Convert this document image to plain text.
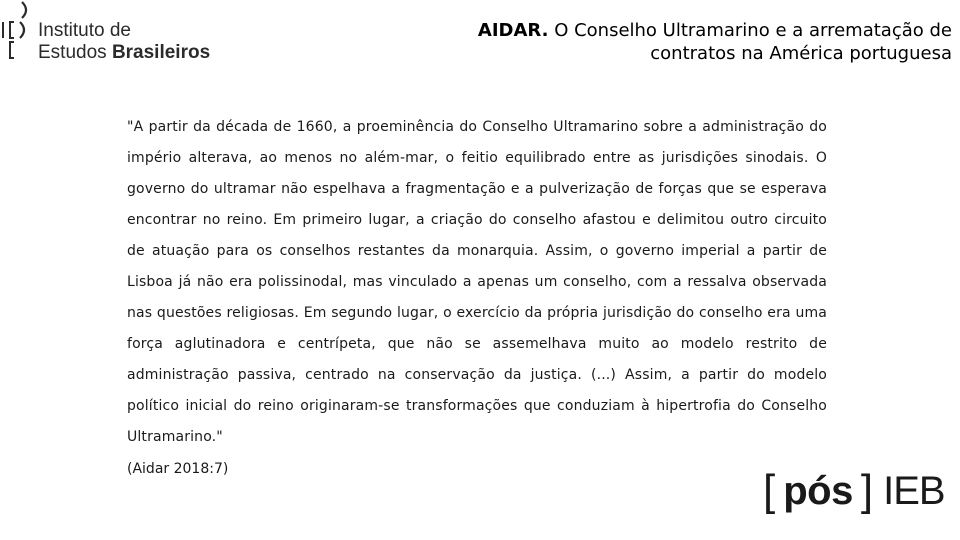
Instituto de
Estudos Brasileiros
AIDAR. O Conselho Ultramarino e a arrematação de
contratos na América portuguesa
"A partir da década de 1660, a proeminência do Conselho Ultramarino sobre a administração do império alterava, ao menos no além-mar, o feitio equilibrado entre as jurisdições sinodais. O governo do ultramar não espelhava a fragmentação e a pulverização de forças que se esperava encontrar no reino. Em primeiro lugar, a criação do conselho afastou e delimitou outro circuito de atuação para os conselhos restantes da monarquia. Assim, o governo imperial a partir de Lisboa já não era polissinodal, mas vinculado a apenas um conselho, com a ressalva observada nas questões religiosas. Em segundo lugar, o exercício da própria jurisdição do conselho era uma força aglutinadora e centrípeta, que não se assemelhava muito ao modelo restrito de administração passiva, centrado na conservação da justiça. (...) Assim, a partir do modelo político inicial do reino originaram-se transformações que conduziam à hipertrofia do Conselho Ultramarino."
(Aidar 2018:7)	[ pós ] IEB
